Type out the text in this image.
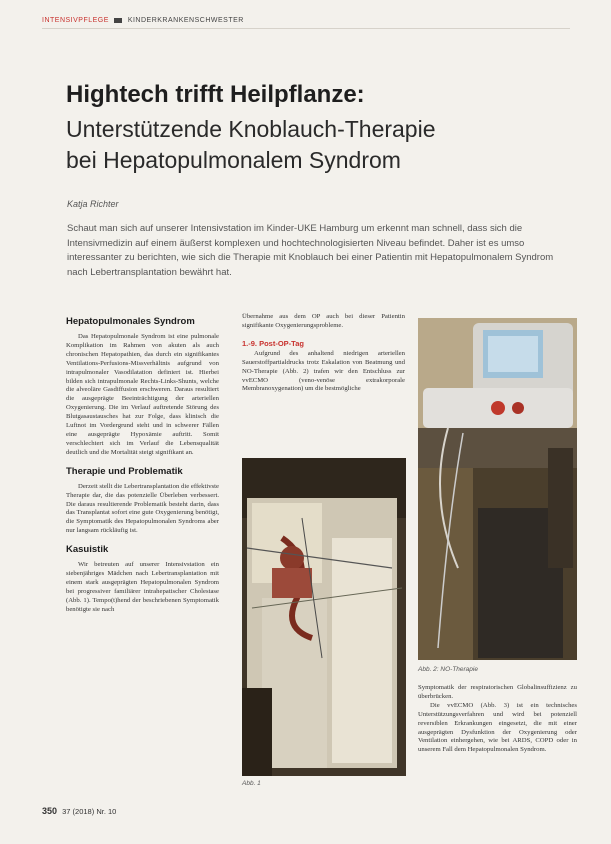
INTENSIVPFLEGE	KINDERKRANKENSCHWESTER
Hightech trifft Heilpflanze:
Unterstützende Knoblauch-Therapie
bei Hepatopulmonalem Syndrom
Katja Richter

Schaut man sich auf unserer Intensivstation im Kinder-UKE Hamburg um erkennt man schnell, dass sich die Intensivmedizin auf einem äußerst komplexen und hochtechnologisierten Niveau befindet. Daher ist es umso interessanter zu berichten, wie sich die Therapie mit Knoblauch bei einer Patientin mit Hepatopulmonalem Syndrom nach Lebertransplantation bewährt hat.

Hepatopulmonales Syndrom

Das Hepatopulmonale Syndrom ist eine pulmonale Komplikation im Rahmen von akuten als auch chronischen Hepatopathien, das durch ein signifikantes Ventilations-Perfusions-Missverhältnis aufgrund von intrapulmonaler Vasodilatation definiert ist. Hierbei bilden sich intrapulmonale Rechts-Links-Shunts, welche die alveoläre Gasdiffusion erschweren. Daraus resultiert die ausgeprägte Beeinträchtigung der arteriellen Oxygenierung. Die im Verlauf auftretende Störung des Blutgasaustausches hat zur Folge, dass klinisch die Luftnot im Vordergrund steht und in schwerer Fällen eine ausgeprägte Hypoxämie auftritt. Somit verschlechtert sich im Verlauf die Lebensqualität deutlich und die Mortalität steigt signifikant an.

Therapie und Problematik

Derzeit stellt die Lebertransplantation die effektivste Therapie dar, die das potenzielle Überleben verbessert. Die daraus resultierende Problematik besteht darin, dass das Transplantat sofort eine gute Oxygenierung benötigt, die Symptomatik des Hepatopulmonalen Syndroms aber nur langsam rückläufig ist.

Kasuistik

Wir betreuten auf unserer Intensivstation ein siebenjähriges Mädchen nach Lebertransplantation mit einem stark ausgeprägten Hepatopulmonalen Syndrom bei progressiver familiärer intrahepatischer Cholestase (Abb. 1). Tempo(t)hend der beschriebenen Symptomatik benötigte sie nach

Übernahme aus dem OP auch bei dieser Patientin signifikante Oxygenierungsprobleme.

1.-9. Post-OP-Tag

Aufgrund des anhaltend niedrigen arteriellen Sauerstoffpartialdrucks trotz Eskalation von Beatmung und NO-Therapie (Abb. 2) trafen wir den Entschluss zur vvECMO (veno-venöse extrakorporale Membranoxygenation) um die bestmögliche

Abb. 1
Abb. 2: NO-Therapie

Symptomatik der respiratorischen Globalinsuffizienz zu überbrücken.

Die vvECMO (Abb. 3) ist ein technisches Unterstützungsverfahren und wird bei potenziell reversiblen Erkrankungen eingesetzt, die mit einer ausgeprägten Dysfunktion der Oxygenierung oder Ventilation einhergehen, wie bei ARDS, COPD oder in unserem Fall dem Hepatopulmonalen Syndrom.

350 37 (2018) Nr. 10
